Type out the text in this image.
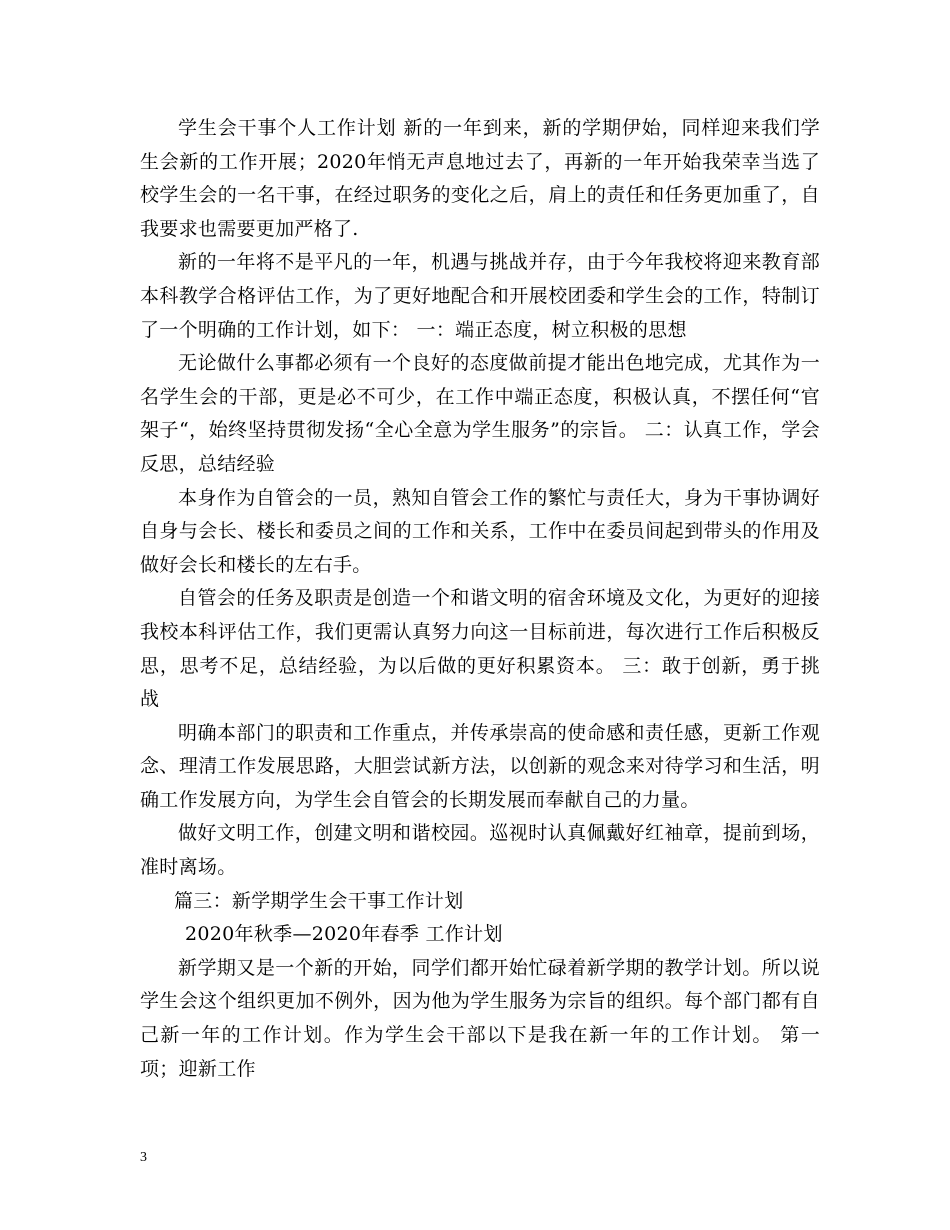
学生会干事个人工作计划 新的一年到来，新的学期伊始，同样迎来我们学生会新的工作开展；2020年悄无声息地过去了，再新的一年开始我荣幸当选了校学生会的一名干事，在经过职务的变化之后，肩上的责任和任务更加重了，自我要求也需要更加严格了.

新的一年将不是平凡的一年，机遇与挑战并存，由于今年我校将迎来教育部本科教学合格评估工作，为了更好地配合和开展校团委和学生会的工作，特制订了一个明确的工作计划，如下： 一：端正态度，树立积极的思想

无论做什么事都必须有一个良好的态度做前提才能出色地完成，尤其作为一名学生会的干部，更是必不可少，在工作中端正态度，积极认真，不摆任何“官架子“，始终坚持贯彻发扬“全心全意为学生服务”的宗旨。 二：认真工作，学会反思，总结经验

本身作为自管会的一员，熟知自管会工作的繁忙与责任大，身为干事协调好自身与会长、楼长和委员之间的工作和关系，工作中在委员间起到带头的作用及做好会长和楼长的左右手。

自管会的任务及职责是创造一个和谐文明的宿舍环境及文化，为更好的迎接我校本科评估工作，我们更需认真努力向这一目标前进，每次进行工作后积极反思，思考不足，总结经验，为以后做的更好积累资本。 三：敢于创新，勇于挑战

明确本部门的职责和工作重点，并传承崇高的使命感和责任感，更新工作观念、理清工作发展思路，大胆尝试新方法，以创新的观念来对待学习和生活，明确工作发展方向，为学生会自管会的长期发展而奉献自己的力量。

做好文明工作，创建文明和谐校园。巡视时认真佩戴好红袖章，提前到场，准时离场。

篇三：新学期学生会干事工作计划

2020年秋季—2020年春季 工作计划

新学期又是一个新的开始，同学们都开始忙碌着新学期的教学计划。所以说学生会这个组织更加不例外，因为他为学生服务为宗旨的组织。每个部门都有自己新一年的工作计划。作为学生会干部以下是我在新一年的工作计划。 第一项；迎新工作

3
